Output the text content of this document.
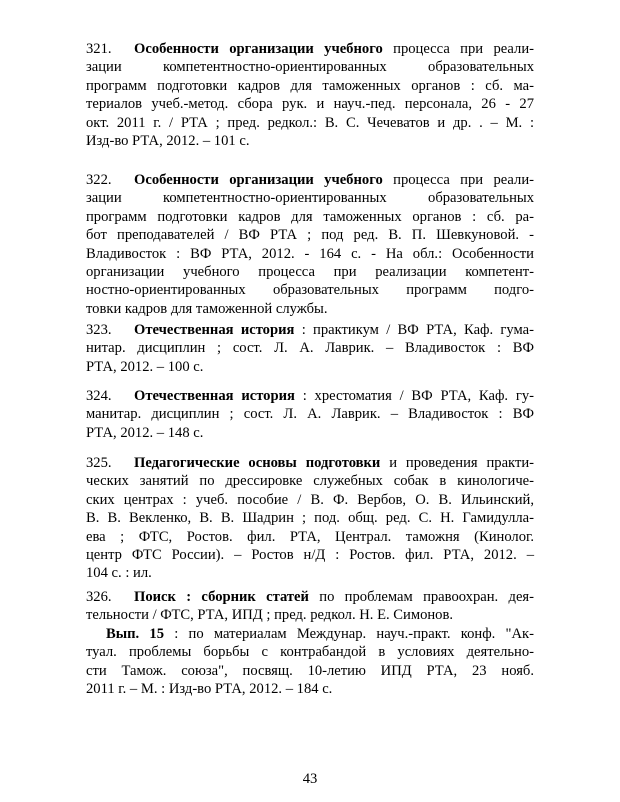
321. Особенности организации учебного процесса при реали-
зации компетентностно-ориентированных образовательных
программ подготовки кадров для таможенных органов : сб. ма-
териалов учеб.-метод. сбора рук. и науч.-пед. персонала, 26 - 27
окт. 2011 г. / РТА ; пред. редкол.: В. С. Чечеватов и др. . – М. :
Изд-во РТА, 2012. – 101 с.
322. Особенности организации учебного процесса при реали-
зации компетентностно-ориентированных образовательных
программ подготовки кадров для таможенных органов : сб. ра-
бот преподавателей / ВФ РТА ; под ред. В. П. Шевкуновой. -
Владивосток : ВФ РТА, 2012. - 164 с. - На обл.: Особенности
организации учебного процесса при реализации компетент-
ностно-ориентированных образовательных программ подго-
товки кадров для таможенной службы.
323. Отечественная история : практикум / ВФ РТА, Каф. гума-
нитар. дисциплин ; сост. Л. А. Лаврик. – Владивосток : ВФ
РТА, 2012. – 100 с.
324. Отечественная история : хрестоматия / ВФ РТА, Каф. гу-
манитар. дисциплин ; сост. Л. А. Лаврик. – Владивосток : ВФ
РТА, 2012. – 148 с.
325. Педагогические основы подготовки и проведения практи-
ческих занятий по дрессировке служебных собак в кинологиче-
ских центрах : учеб. пособие / В. Ф. Вербов, О. В. Ильинский,
В. В. Векленко, В. В. Шадрин ; под. общ. ред. С. Н. Гамидулла-
ева ; ФТС, Ростов. фил. РТА, Централ. таможня (Кинолог.
центр ФТС России). – Ростов н/Д : Ростов. фил. РТА, 2012. –
104 с. : ил.
326. Поиск : сборник статей по проблемам правоохран. дея-
тельности / ФТС, РТА, ИПД ; пред. редкол. Н. Е. Симонов.
Вып. 15 : по материалам Междунар. науч.-практ. конф. "Ак-
туал. проблемы борьбы с контрабандой в условиях деятельно-
сти Тамож. союза", посвящ. 10-летию ИПД РТА, 23 нояб.
2011 г. – М. : Изд-во РТА, 2012. – 184 с.
43
